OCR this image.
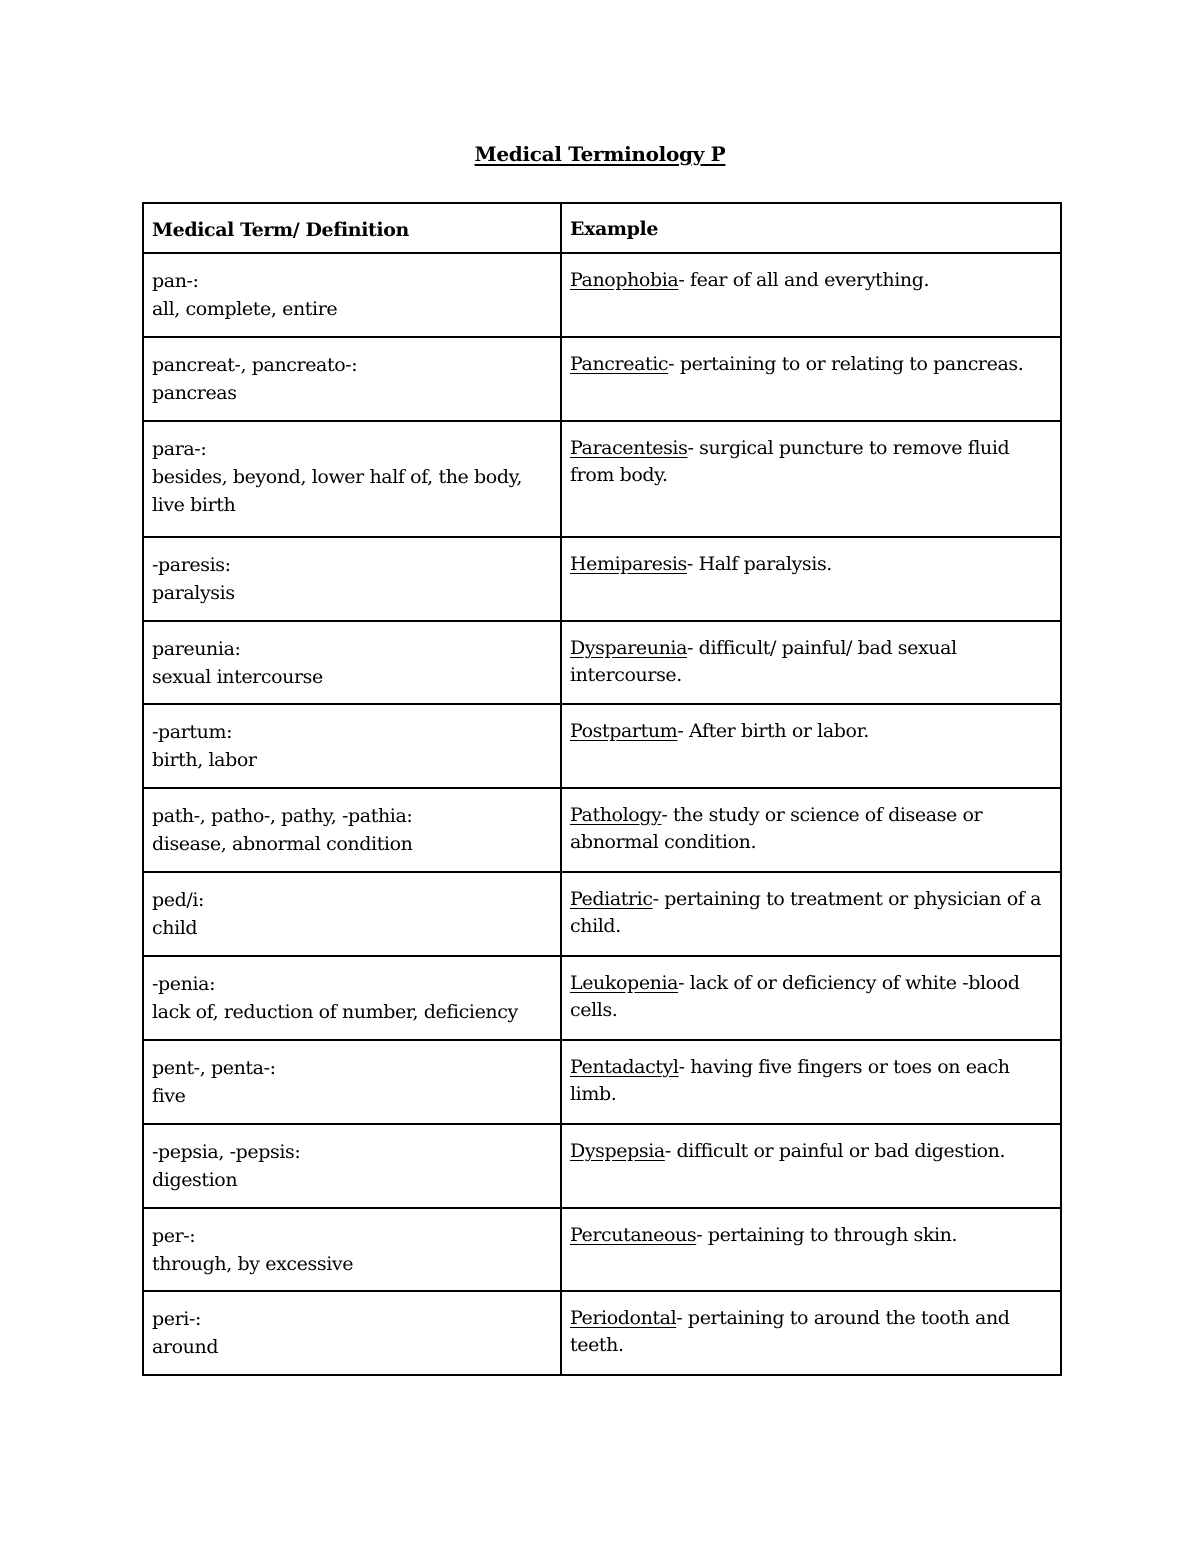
Medical Terminology P
Medical Term/ Definition	Example

pan-:
all, complete, entire	Panophobia- fear of all and everything.

pancreat-, pancreato-:
pancreas	Pancreatic- pertaining to or relating to pancreas.

para-:
besides, beyond, lower half of, the body, live birth	Paracentesis- surgical puncture to remove fluid from body.

-paresis:
paralysis	Hemiparesis- Half paralysis.

pareunia:
sexual intercourse	Dyspareunia- difficult/ painful/ bad sexual intercourse.

-partum:
birth, labor	Postpartum- After birth or labor.

path-, patho-, pathy, -pathia:
disease, abnormal condition	Pathology- the study or science of disease or abnormal condition.

ped/i:
child	Pediatric- pertaining to treatment or physician of a child.

-penia:
lack of, reduction of number, deficiency	Leukopenia- lack of or deficiency of white -blood cells.

pent-, penta-:
five	Pentadactyl- having five fingers or toes on each limb.

-pepsia, -pepsis:
digestion	Dyspepsia- difficult or painful or bad digestion.

per-:
through, by excessive	Percutaneous- pertaining to through skin.

peri-:
around	Periodontal- pertaining to around the tooth and teeth.
